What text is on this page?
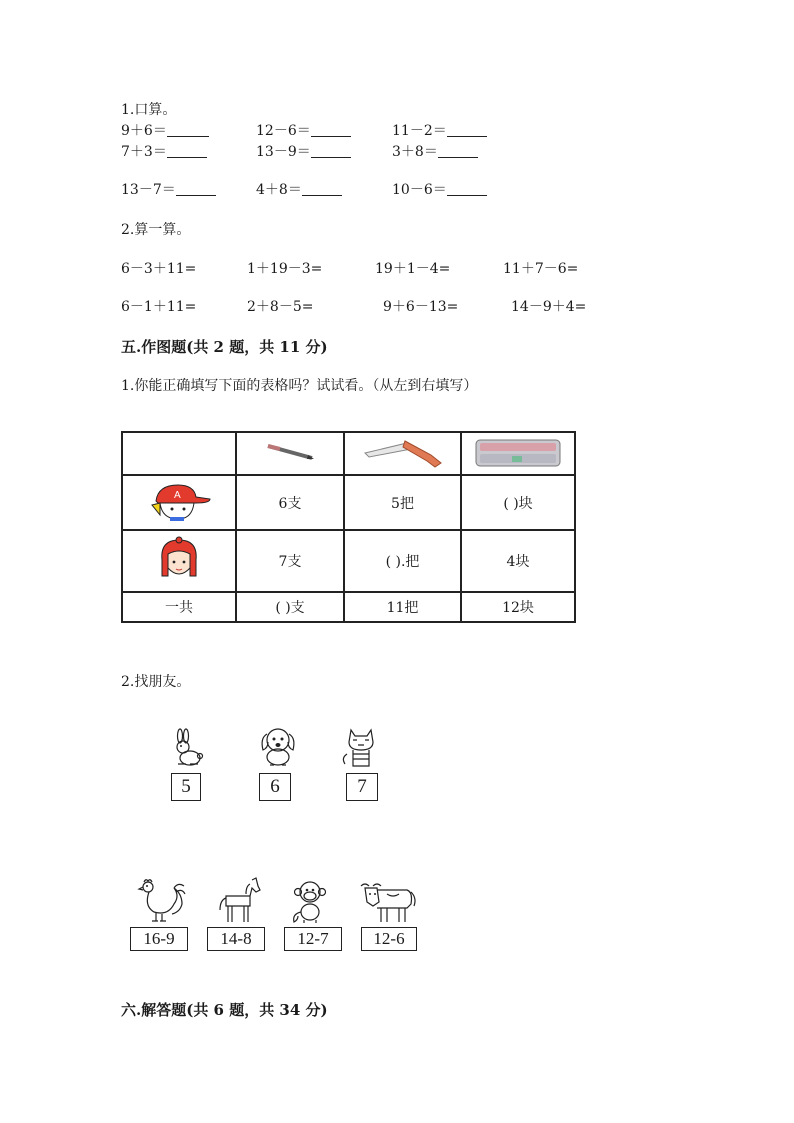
1.口算。
9＋6＝	12－6＝	11－2＝
7＋3＝	13－9＝	3＋8＝
13－7＝	4＋8＝	10－6＝
2.算一算。
6－3＋11=	1＋19－3=	19＋1－4=	11＋7－6=
6－1＋11=	2＋8－5=	9＋6－13=	14－9＋4=
五.作图题(共 2 题，共 11 分)
1.你能正确填写下面的表格吗？试试看。（从左到右填写）

A	6支	5把	( )块
	7支	( ).把	4块
一共	( )支	11把	12块
2.找朋友。
5	6	7
16-9	14-8	12-7	12-6
六.解答题(共 6 题，共 34 分)
